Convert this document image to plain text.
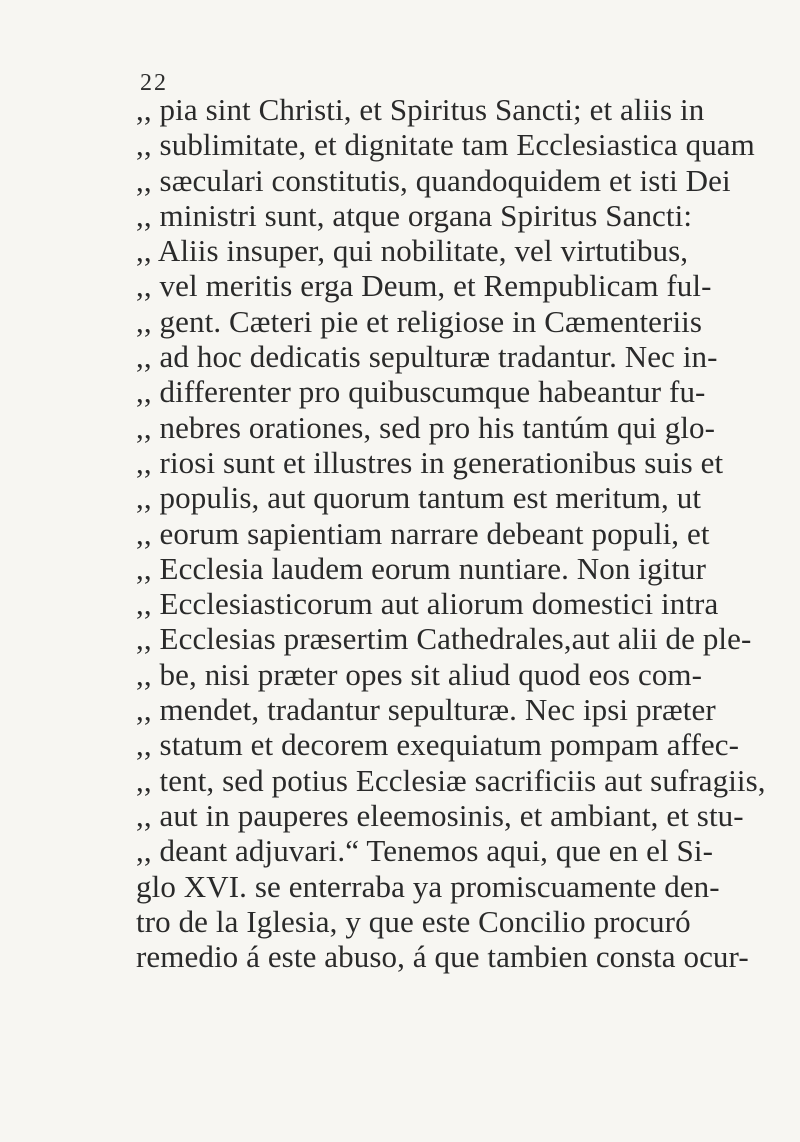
22
,, pia sint Christi, et Spiritus Sancti; et aliis in
,, sublimitate, et dignitate tam Ecclesiastica quam
,, sæculari constitutis, quandoquidem et isti Dei
,, ministri sunt, atque organa Spiritus Sancti:
,, Aliis insuper, qui nobilitate, vel virtutibus,
,, vel meritis erga Deum, et Rempublicam ful-
,, gent. Cæteri pie et religiose in Cæmenteriis
,, ad hoc dedicatis sepulturæ tradantur. Nec in-
,, differenter pro quibuscumque habeantur fu-
,, nebres orationes, sed pro his tantúm qui glo-
,, riosi sunt et illustres in generationibus suis et
,, populis, aut quorum tantum est meritum, ut
,, eorum sapientiam narrare debeant populi, et
,, Ecclesia laudem eorum nuntiare. Non igitur
,, Ecclesiasticorum aut aliorum domestici intra
,, Ecclesias præsertim Cathedrales,aut alii de ple-
,, be, nisi præter opes sit aliud quod eos com-
,, mendet, tradantur sepulturæ. Nec ipsi præter
,, statum et decorem exequiatum pompam affec-
,, tent, sed potius Ecclesiæ sacrificiis aut sufragiis,
,, aut in pauperes eleemosinis, et ambiant, et stu-
,, deant adjuvari.“ Tenemos aqui, que en el Si-
glo XVI. se enterraba ya promiscuamente den-
tro de la Iglesia, y que este Concilio procuró
remedio á este abuso, á que tambien consta ocur-
